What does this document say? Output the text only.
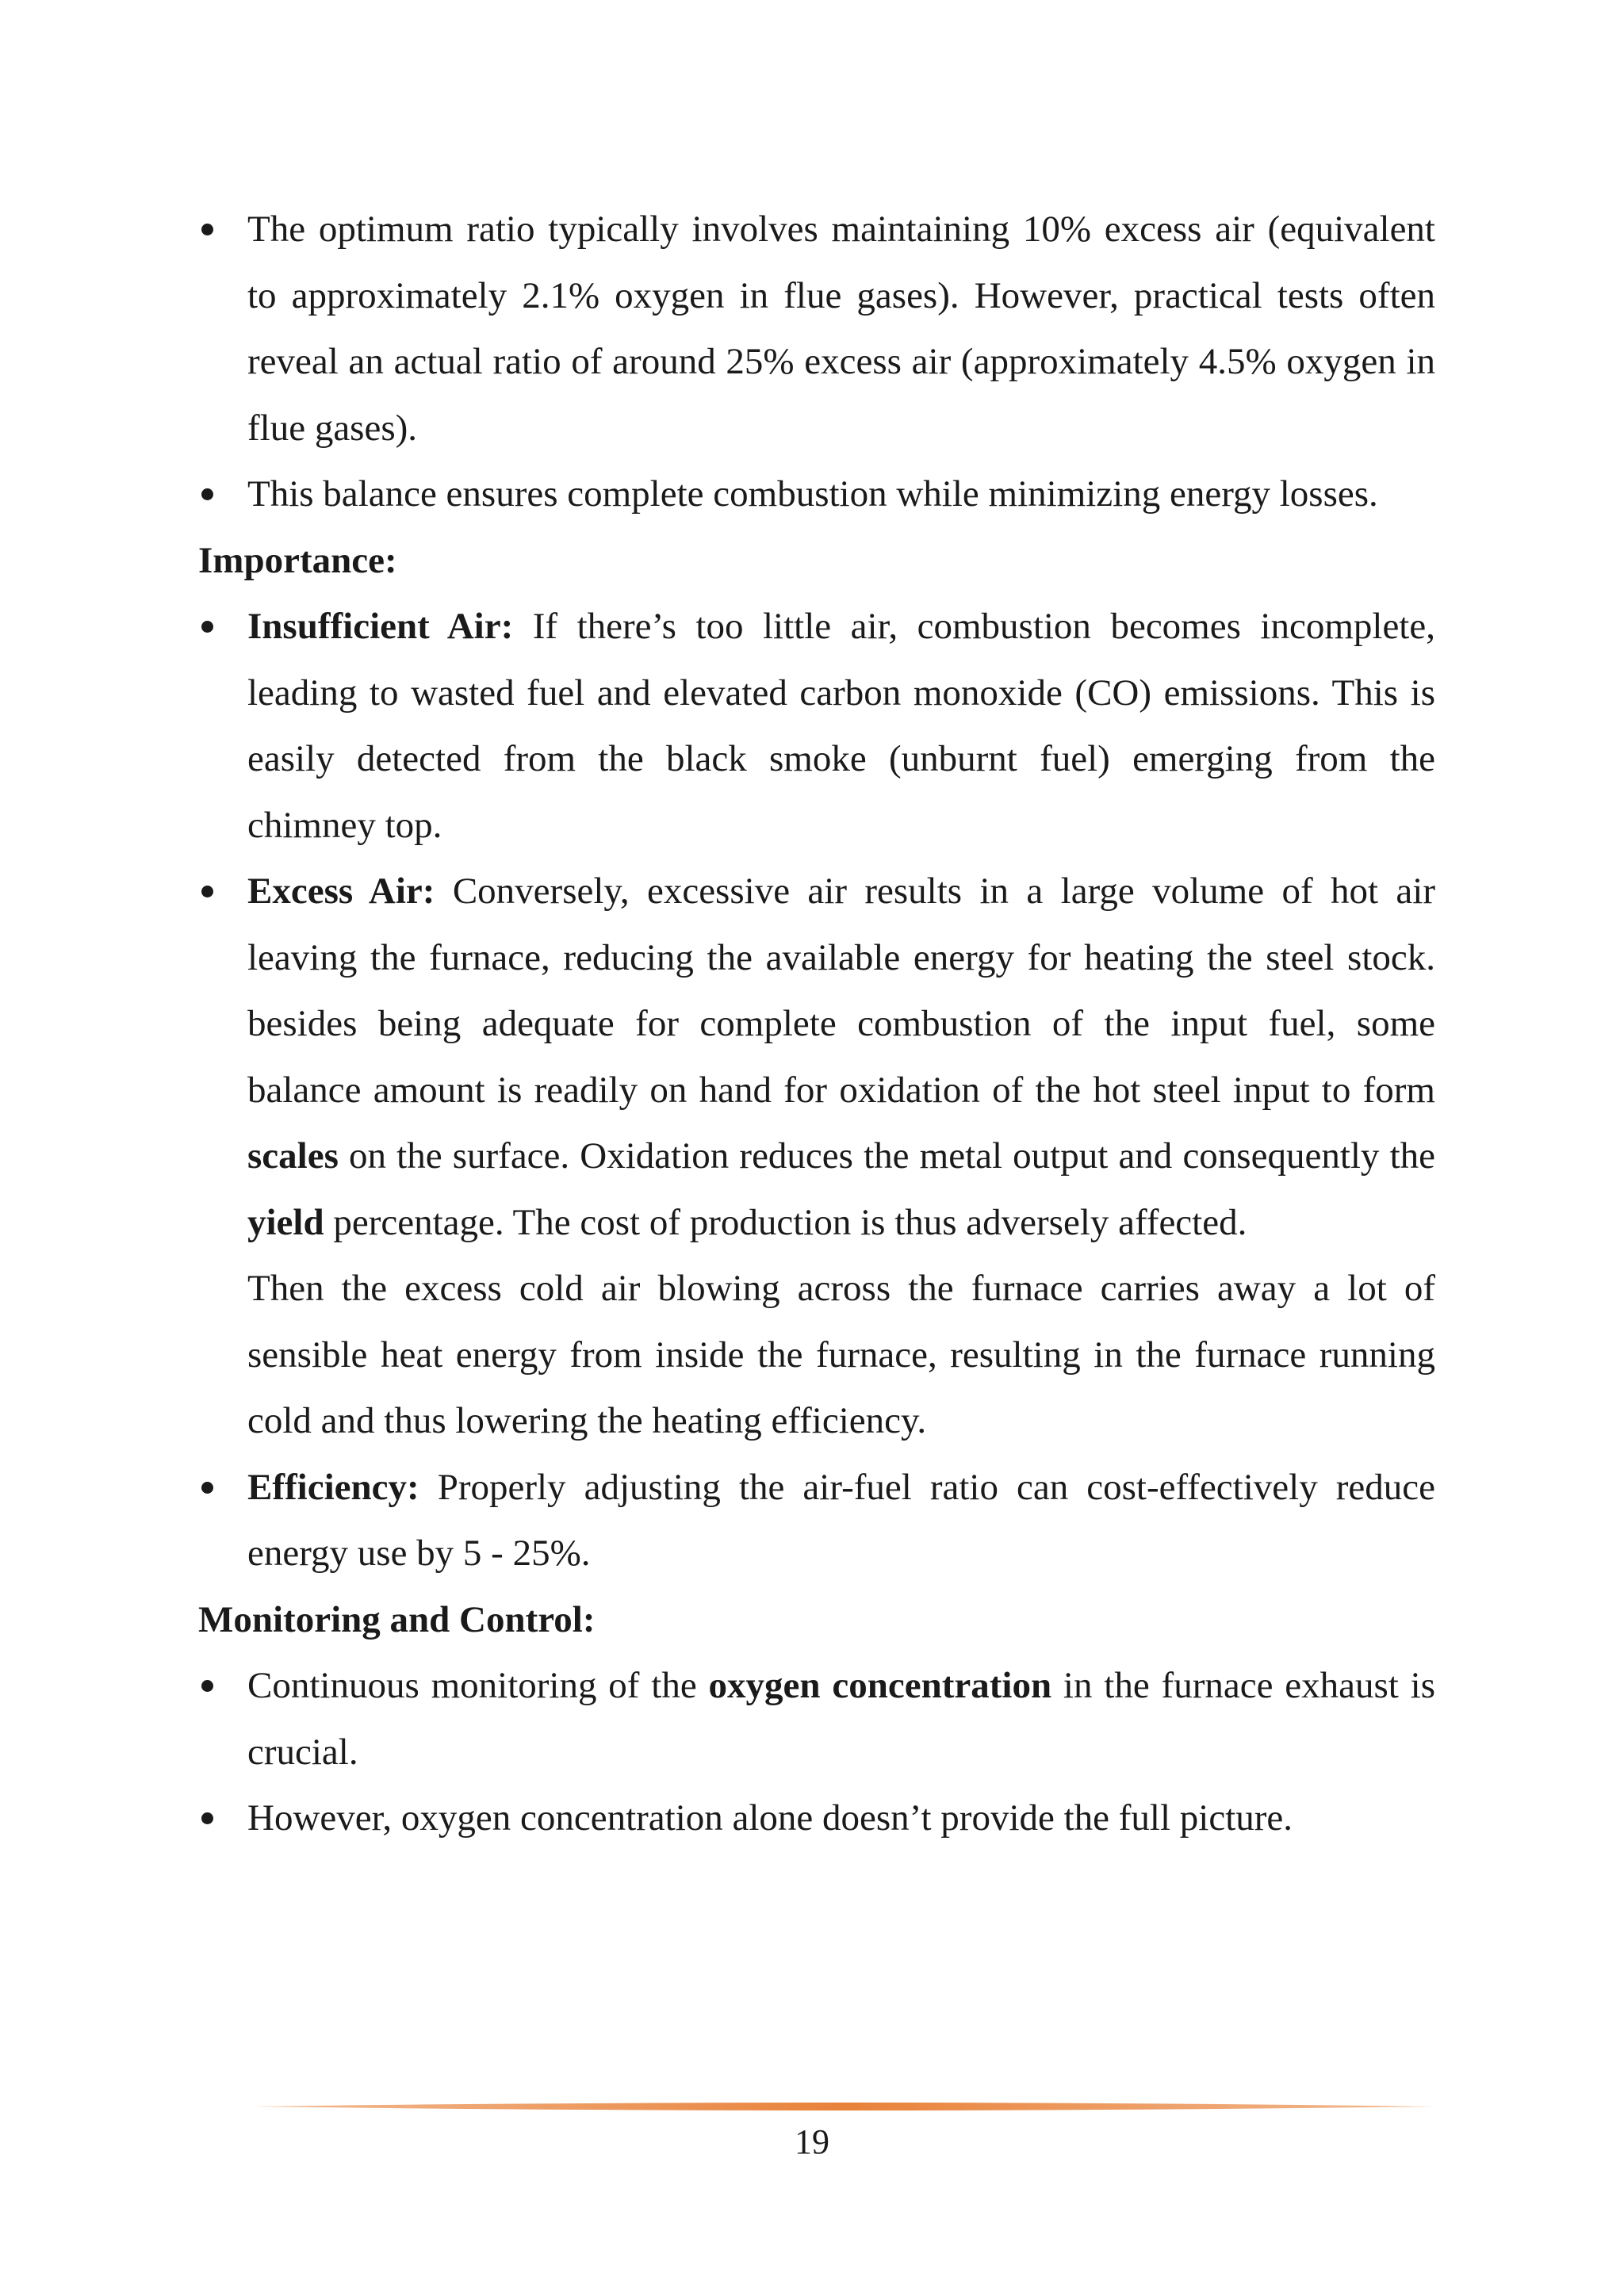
The optimum ratio typically involves maintaining 10% excess air (equivalent to approximately 2.1% oxygen in flue gases). However, practical tests often reveal an actual ratio of around 25% excess air (approximately 4.5% oxygen in flue gases).
This balance ensures complete combustion while minimizing energy losses.
Importance:
Insufficient Air: If there’s too little air, combustion becomes incomplete, leading to wasted fuel and elevated carbon monoxide (CO) emissions. This is easily detected from the black smoke (unburnt fuel) emerging from the chimney top.
Excess Air: Conversely, excessive air results in a large volume of hot air leaving the furnace, reducing the available energy for heating the steel stock. besides being adequate for complete combustion of the input fuel, some balance amount is readily on hand for oxidation of the hot steel input to form scales on the surface. Oxidation reduces the metal output and consequently the yield percentage. The cost of production is thus adversely affected.
Then the excess cold air blowing across the furnace carries away a lot of sensible heat energy from inside the furnace, resulting in the furnace running cold and thus lowering the heating efficiency.
Efficiency: Properly adjusting the air-fuel ratio can cost-effectively reduce energy use by 5 - 25%.
Monitoring and Control:
Continuous monitoring of the oxygen concentration in the furnace exhaust is crucial.
However, oxygen concentration alone doesn’t provide the full picture.
19
